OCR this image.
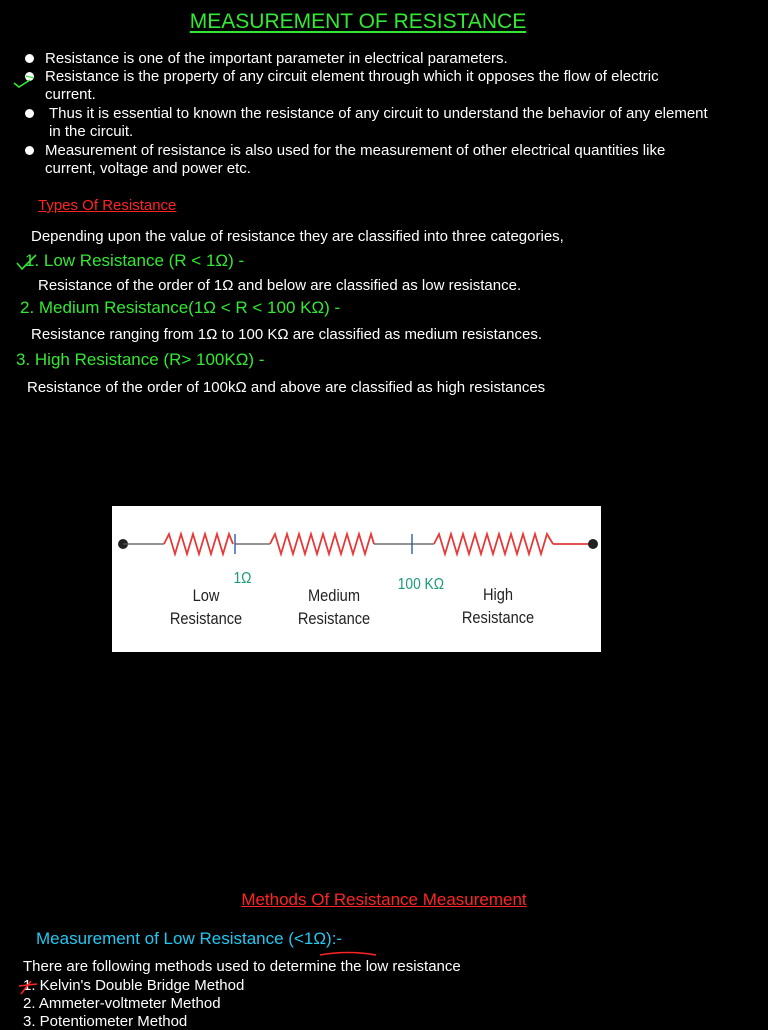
MEASUREMENT OF RESISTANCE
Resistance is one of the important parameter in electrical parameters.
Resistance is the property of any circuit element through which it opposes the flow of electric
current.
Thus it is essential to known the resistance of any circuit to understand the behavior of any element
in the circuit.
Measurement of resistance is also used for the measurement of other electrical quantities like
current, voltage and power etc.
Types Of Resistance
Depending upon the value of resistance they are classified into three categories,
1. Low Resistance (R < 1Ω) -
Resistance of the order of 1Ω and below are classified as low resistance.
2. Medium Resistance(1Ω < R < 100 KΩ) -
Resistance ranging from 1Ω to 100 KΩ are classified as medium resistances.
3. High Resistance (R> 100KΩ) -
Resistance of the order of 100kΩ and above are classified as high resistances
1Ω	100 KΩ
Low
Resistance
Medium
Resistance
High
Resistance
Methods Of Resistance Measurement
Measurement of Low Resistance (<1Ω):-
There are following methods used to determine the low resistance
1. Kelvin's Double Bridge Method
2. Ammeter-voltmeter Method
3. Potentiometer Method
